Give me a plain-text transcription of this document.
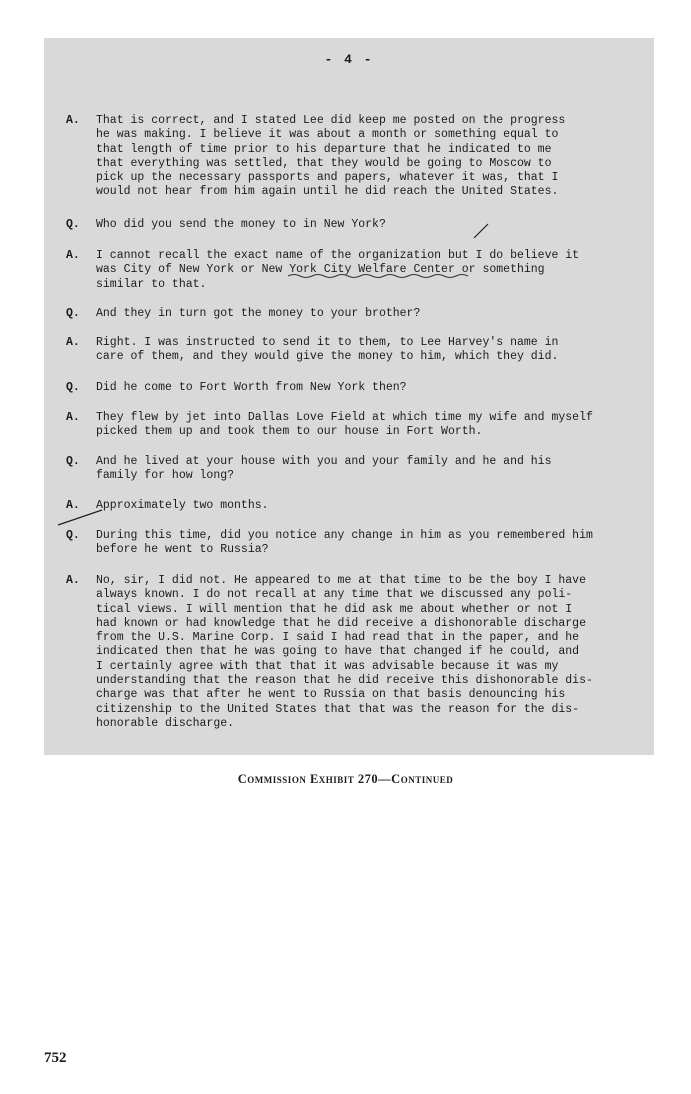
- 4 -
A.	That is correct, and I stated Lee did keep me posted on the progress
he was making. I believe it was about a month or something equal to
that length of time prior to his departure that he indicated to me
that everything was settled, that they would be going to Moscow to
pick up the necessary passports and papers, whatever it was, that I
would not hear from him again until he did reach the United States.
Q.	Who did you send the money to in New York?
A.	I cannot recall the exact name of the organization but I do believe it
was City of New York or New York City Welfare Center or something
similar to that.
Q.	And they in turn got the money to your brother?
A.	Right. I was instructed to send it to them, to Lee Harvey's name in
care of them, and they would give the money to him, which they did.
Q.	Did he come to Fort Worth from New York then?
A.	They flew by jet into Dallas Love Field at which time my wife and myself
picked them up and took them to our house in Fort Worth.
Q.	And he lived at your house with you and your family and he and his
family for how long?
A.	Approximately two months.
Q.	During this time, did you notice any change in him as you remembered him
before he went to Russia?
A.	No, sir, I did not. He appeared to me at that time to be the boy I have
always known. I do not recall at any time that we discussed any poli-
tical views. I will mention that he did ask me about whether or not I
had known or had knowledge that he did receive a dishonorable discharge
from the U.S. Marine Corp. I said I had read that in the paper, and he
indicated then that he was going to have that changed if he could, and
I certainly agree with that that it was advisable because it was my
understanding that the reason that he did receive this dishonorable dis-
charge was that after he went to Russia on that basis denouncing his
citizenship to the United States that that was the reason for the dis-
honorable discharge.
Commission Exhibit 270—Continued
752
